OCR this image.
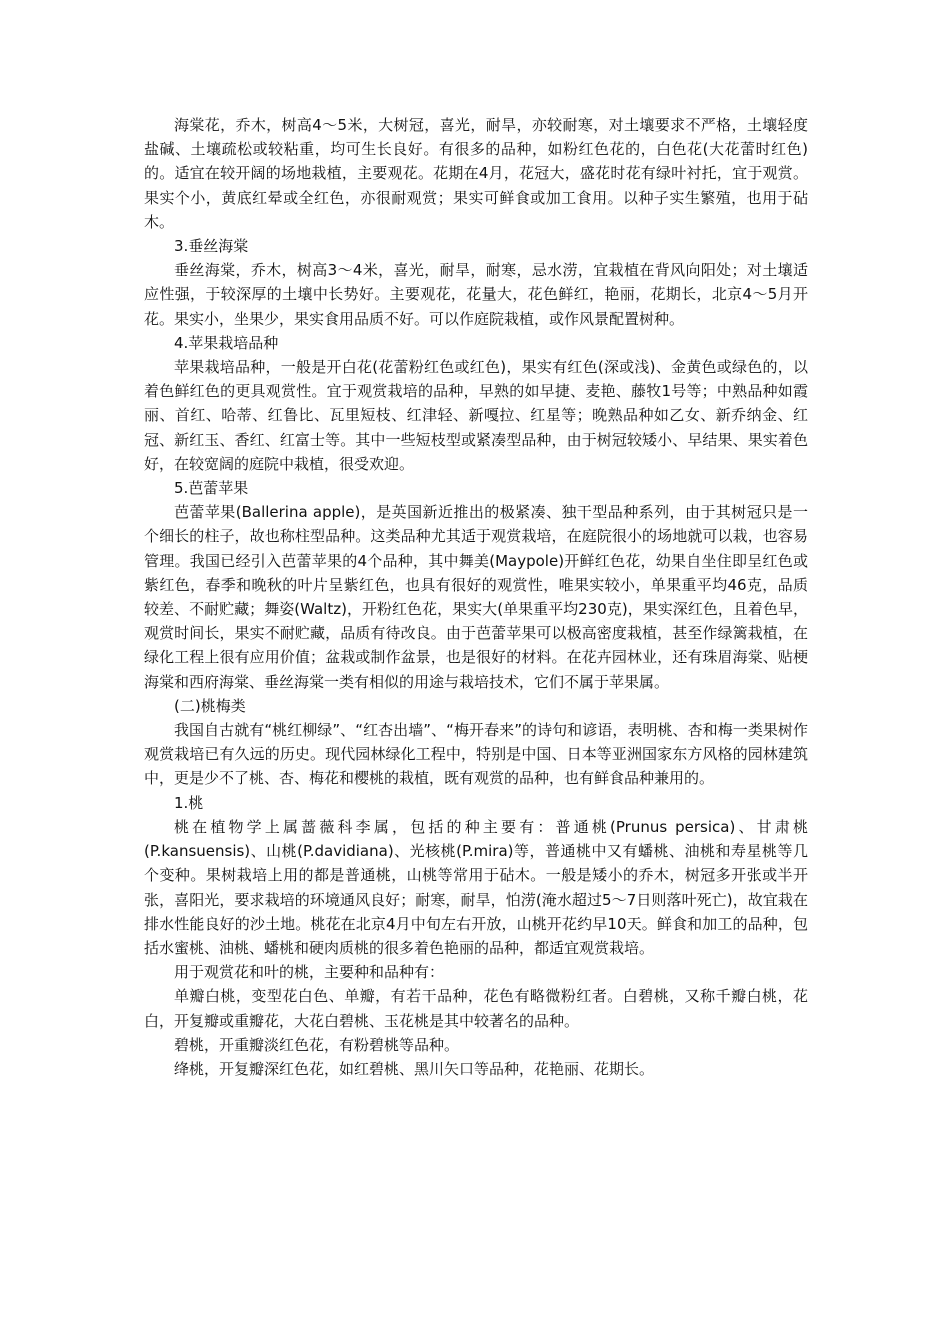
海棠花，乔木，树高4～5米，大树冠，喜光，耐旱，亦较耐寒，对土壤要求不严格，土壤轻度盐碱、土壤疏松或较粘重，均可生长良好。有很多的品种，如粉红色花的，白色花(大花蕾时红色)的。适宜在较开阔的场地栽植，主要观花。花期在4月，花冠大，盛花时花有绿叶衬托，宜于观赏。果实个小，黄底红晕或全红色，亦很耐观赏；果实可鲜食或加工食用。以种子实生繁殖，也用于砧木。

3.垂丝海棠

垂丝海棠，乔木，树高3～4米，喜光，耐旱，耐寒，忌水涝，宜栽植在背风向阳处；对土壤适应性强，于较深厚的土壤中长势好。主要观花，花量大，花色鲜红，艳丽，花期长，北京4～5月开花。果实小，坐果少，果实食用品质不好。可以作庭院栽植，或作风景配置树种。

4.苹果栽培品种

苹果栽培品种，一般是开白花(花蕾粉红色或红色)，果实有红色(深或浅)、金黄色或绿色的，以着色鲜红色的更具观赏性。宜于观赏栽培的品种，早熟的如早捷、麦艳、藤牧1号等；中熟品种如霞丽、首红、哈蒂、红鲁比、瓦里短枝、红津轻、新嘎拉、红星等；晚熟品种如乙女、新乔纳金、红冠、新红玉、香红、红富士等。其中一些短枝型或紧凑型品种，由于树冠较矮小、早结果、果实着色好，在较宽阔的庭院中栽植，很受欢迎。

5.芭蕾苹果

芭蕾苹果(Ballerina apple)，是英国新近推出的极紧凑、独干型品种系列，由于其树冠只是一个细长的柱子，故也称柱型品种。这类品种尤其适于观赏栽培，在庭院很小的场地就可以栽，也容易管理。我国已经引入芭蕾苹果的4个品种，其中舞美(Maypole)开鲜红色花，幼果自坐住即呈红色或紫红色，春季和晚秋的叶片呈紫红色，也具有很好的观赏性，唯果实较小，单果重平均46克，品质较差、不耐贮藏；舞姿(Waltz)，开粉红色花，果实大(单果重平均230克)，果实深红色，且着色早，观赏时间长，果实不耐贮藏，品质有待改良。由于芭蕾苹果可以极高密度栽植，甚至作绿篱栽植，在绿化工程上很有应用价值；盆栽或制作盆景，也是很好的材料。在花卉园林业，还有珠眉海棠、贴梗海棠和西府海棠、垂丝海棠一类有相似的用途与栽培技术，它们不属于苹果属。

(二)桃梅类

我国自古就有“桃红柳绿”、“红杏出墙”、“梅开春来”的诗句和谚语，表明桃、杏和梅一类果树作观赏栽培已有久远的历史。现代园林绿化工程中，特别是中国、日本等亚洲国家东方风格的园林建筑中，更是少不了桃、杏、梅花和樱桃的栽植，既有观赏的品种，也有鲜食品种兼用的。

1.桃

桃在植物学上属蔷薇科李属，包括的种主要有：普通桃(Prunus persica)、甘肃桃(P.kansuensis)、山桃(P.davidiana)、光核桃(P.mira)等，普通桃中又有蟠桃、油桃和寿星桃等几个变种。果树栽培上用的都是普通桃，山桃等常用于砧木。一般是矮小的乔木，树冠多开张或半开张，喜阳光，要求栽培的环境通风良好；耐寒，耐旱，怕涝(淹水超过5～7日则落叶死亡)，故宜栽在排水性能良好的沙土地。桃花在北京4月中旬左右开放，山桃开花约早10天。鲜食和加工的品种，包括水蜜桃、油桃、蟠桃和硬肉质桃的很多着色艳丽的品种，都适宜观赏栽培。

用于观赏花和叶的桃，主要种和品种有：

单瓣白桃，变型花白色、单瓣，有若干品种，花色有略微粉红者。白碧桃，又称千瓣白桃，花白，开复瓣或重瓣花，大花白碧桃、玉花桃是其中较著名的品种。

碧桃，开重瓣淡红色花，有粉碧桃等品种。

绛桃，开复瓣深红色花，如红碧桃、黑川矢口等品种，花艳丽、花期长。
